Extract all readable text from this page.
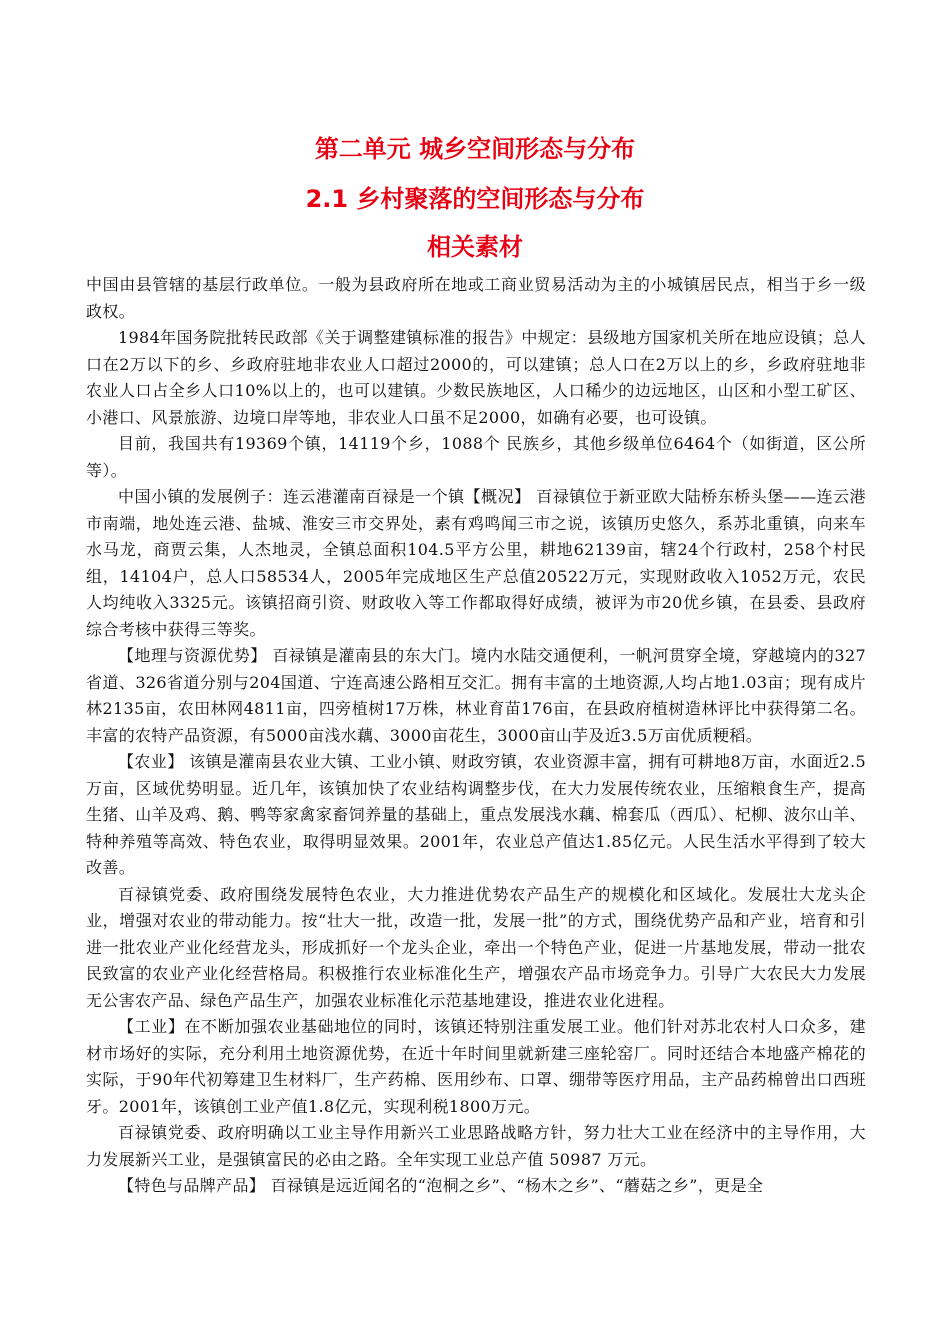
第二单元 城乡空间形态与分布
2.1 乡村聚落的空间形态与分布
相关素材

中国由县管辖的基层行政单位。一般为县政府所在地或工商业贸易活动为主的小城镇居民点，相当于乡一级政权。

1984年国务院批转民政部《关于调整建镇标准的报告》中规定：县级地方国家机关所在地应设镇；总人口在2万以下的乡、乡政府驻地非农业人口超过2000的，可以建镇；总人口在2万以上的乡，乡政府驻地非农业人口占全乡人口10%以上的，也可以建镇。少数民族地区，人口稀少的边远地区，山区和小型工矿区、小港口、风景旅游、边境口岸等地，非农业人口虽不足2000，如确有必要，也可设镇。

目前，我国共有19369个镇，14119个乡，1088个 民族乡，其他乡级单位6464个（如街道，区公所等）。

中国小镇的发展例子：连云港灌南百禄是一个镇【概况】 百禄镇位于新亚欧大陆桥东桥头堡——连云港市南端，地处连云港、盐城、淮安三市交界处，素有鸡鸣闻三市之说，该镇历史悠久，系苏北重镇，向来车水马龙，商贾云集，人杰地灵，全镇总面积104.5平方公里，耕地62139亩，辖24个行政村，258个村民组，14104户，总人口58534人，2005年完成地区生产总值20522万元，实现财政收入1052万元，农民人均纯收入3325元。该镇招商引资、财政收入等工作都取得好成绩，被评为市20优乡镇，在县委、县政府综合考核中获得三等奖。

【地理与资源优势】 百禄镇是灌南县的东大门。境内水陆交通便利，一帆河贯穿全境，穿越境内的327省道、326省道分别与204国道、宁连高速公路相互交汇。拥有丰富的土地资源,人均占地1.03亩；现有成片林2135亩，农田林网4811亩，四旁植树17万株，林业育苗176亩，在县政府植树造林评比中获得第二名。丰富的农特产品资源，有5000亩浅水藕、3000亩花生，3000亩山芋及近3.5万亩优质粳稻。

【农业】 该镇是灌南县农业大镇、工业小镇、财政穷镇，农业资源丰富，拥有可耕地8万亩，水面近2.5万亩，区域优势明显。近几年，该镇加快了农业结构调整步伐，在大力发展传统农业，压缩粮食生产，提高生猪、山羊及鸡、鹅、鸭等家禽家畜饲养量的基础上，重点发展浅水藕、棉套瓜（西瓜）、杞柳、波尔山羊、特种养殖等高效、特色农业，取得明显效果。2001年，农业总产值达1.85亿元。人民生活水平得到了较大改善。

百禄镇党委、政府围绕发展特色农业，大力推进优势农产品生产的规模化和区域化。发展壮大龙头企业，增强对农业的带动能力。按“壮大一批，改造一批，发展一批”的方式，围绕优势产品和产业，培育和引进一批农业产业化经营龙头，形成抓好一个龙头企业，牵出一个特色产业，促进一片基地发展，带动一批农民致富的农业产业化经营格局。积极推行农业标准化生产，增强农产品市场竞争力。引导广大农民大力发展无公害农产品、绿色产品生产，加强农业标准化示范基地建设，推进农业化进程。

【工业】在不断加强农业基础地位的同时，该镇还特别注重发展工业。他们针对苏北农村人口众多，建材市场好的实际，充分利用土地资源优势，在近十年时间里就新建三座轮窑厂。同时还结合本地盛产棉花的实际，于90年代初筹建卫生材料厂，生产药棉、医用纱布、口罩、绷带等医疗用品，主产品药棉曾出口西班牙。2001年，该镇创工业产值1.8亿元，实现利税1800万元。

百禄镇党委、政府明确以工业主导作用新兴工业思路战略方针，努力壮大工业在经济中的主导作用，大力发展新兴工业，是强镇富民的必由之路。全年实现工业总产值 50987 万元。

【特色与品牌产品】 百禄镇是远近闻名的“泡桐之乡”、“杨木之乡”、“蘑菇之乡”，更是全
